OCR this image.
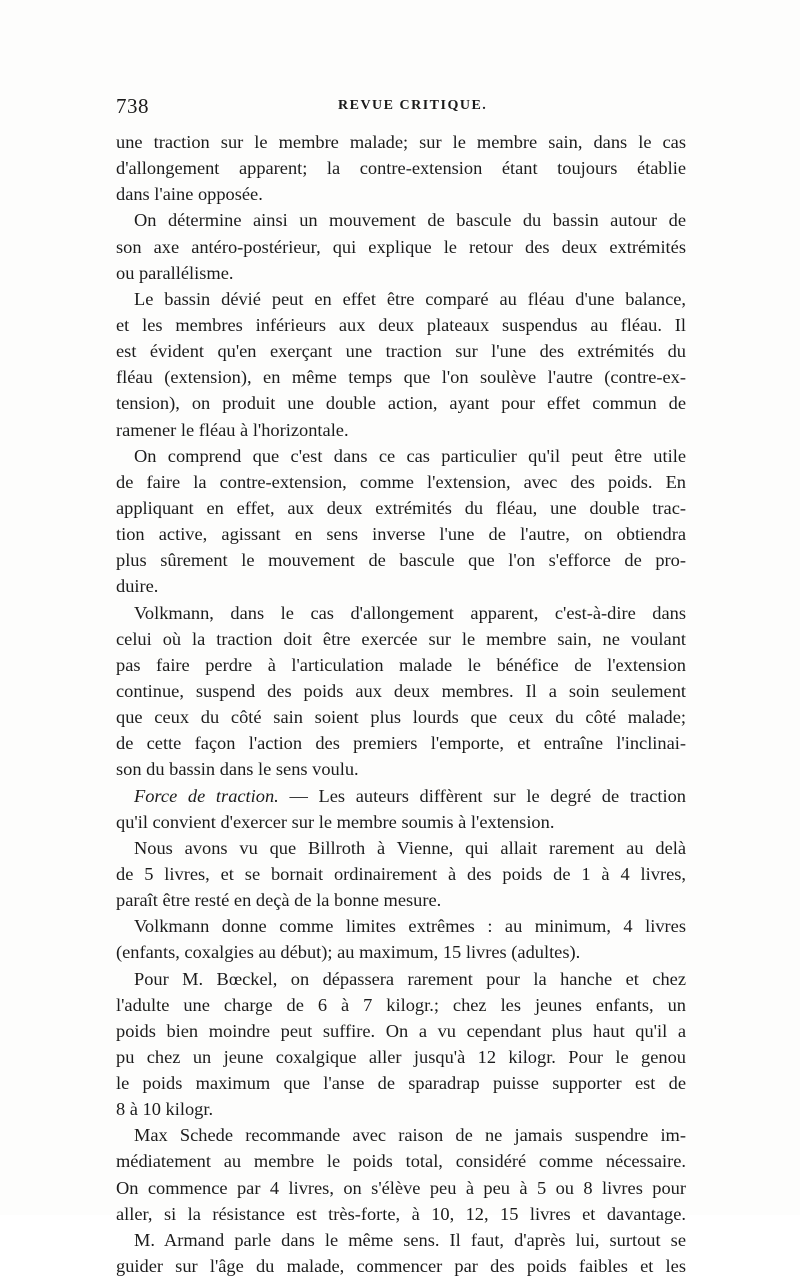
738	REVUE CRITIQUE.
une traction sur le membre malade; sur le membre sain, dans le cas
d'allongement apparent; la contre-extension étant toujours établie
dans l'aine opposée.
On détermine ainsi un mouvement de bascule du bassin autour de
son axe antéro-postérieur, qui explique le retour des deux extrémités
ou parallélisme.
Le bassin dévié peut en effet être comparé au fléau d'une balance,
et les membres inférieurs aux deux plateaux suspendus au fléau. Il
est évident qu'en exerçant une traction sur l'une des extrémités du
fléau (extension), en même temps que l'on soulève l'autre (contre-ex-
tension), on produit une double action, ayant pour effet commun de
ramener le fléau à l'horizontale.
On comprend que c'est dans ce cas particulier qu'il peut être utile
de faire la contre-extension, comme l'extension, avec des poids. En
appliquant en effet, aux deux extrémités du fléau, une double trac-
tion active, agissant en sens inverse l'une de l'autre, on obtiendra
plus sûrement le mouvement de bascule que l'on s'efforce de pro-
duire.
Volkmann, dans le cas d'allongement apparent, c'est-à-dire dans
celui où la traction doit être exercée sur le membre sain, ne voulant
pas faire perdre à l'articulation malade le bénéfice de l'extension
continue, suspend des poids aux deux membres. Il a soin seulement
que ceux du côté sain soient plus lourds que ceux du côté malade;
de cette façon l'action des premiers l'emporte, et entraîne l'inclinai-
son du bassin dans le sens voulu.
Force de traction. — Les auteurs diffèrent sur le degré de traction
qu'il convient d'exercer sur le membre soumis à l'extension.
Nous avons vu que Billroth à Vienne, qui allait rarement au delà
de 5 livres, et se bornait ordinairement à des poids de 1 à 4 livres,
paraît être resté en deçà de la bonne mesure.
Volkmann donne comme limites extrêmes : au minimum, 4 livres
(enfants, coxalgies au début); au maximum, 15 livres (adultes).
Pour M. Bœckel, on dépassera rarement pour la hanche et chez
l'adulte une charge de 6 à 7 kilogr.; chez les jeunes enfants, un
poids bien moindre peut suffire. On a vu cependant plus haut qu'il a
pu chez un jeune coxalgique aller jusqu'à 12 kilogr. Pour le genou
le poids maximum que l'anse de sparadrap puisse supporter est de
8 à 10 kilogr.
Max Schede recommande avec raison de ne jamais suspendre im-
médiatement au membre le poids total, considéré comme nécessaire.
On commence par 4 livres, on s'élève peu à peu à 5 ou 8 livres pour
aller, si la résistance est très-forte, à 10, 12, 15 livres et davantage.
M. Armand parle dans le même sens. Il faut, d'après lui, surtout se
guider sur l'âge du malade, commencer par des poids faibles et les
